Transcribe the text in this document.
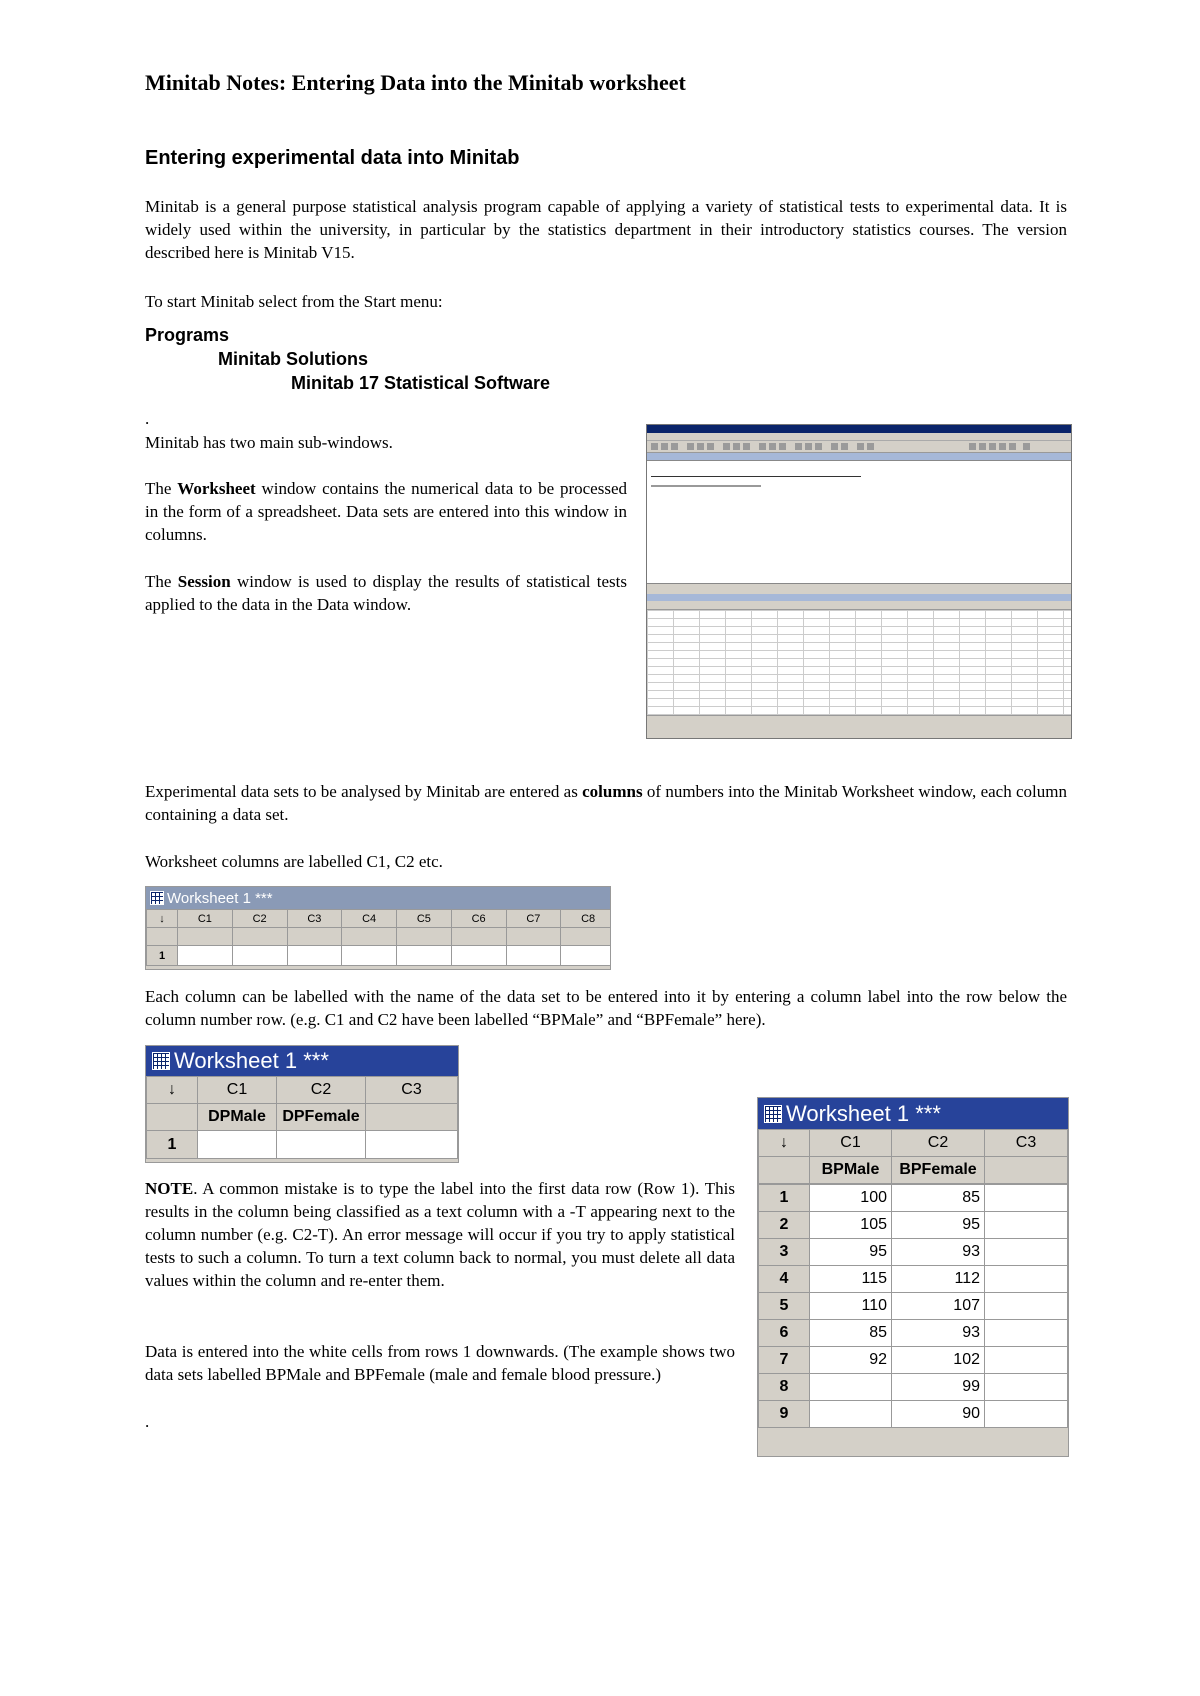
Minitab Notes: Entering Data into the Minitab worksheet
Entering experimental data into Minitab
Minitab is a general purpose statistical analysis program capable of applying a variety of statistical tests to experimental data. It is widely used within the university, in particular by the statistics department in their introductory statistics courses. The version described here is Minitab V15.
To start Minitab select from the Start menu:
Programs
Minitab Solutions
Minitab 17 Statistical Software
.
Minitab has two main sub-windows.
The Worksheet window contains the numerical data to be processed in the form of a spreadsheet. Data sets are entered into this window in columns.
The Session window is used to display the results of statistical tests applied to the data in the Data window.
Experimental data sets to be analysed by Minitab are entered as columns of numbers into the Minitab Worksheet window, each column containing a data set.
Worksheet columns are labelled C1, C2 etc.
Worksheet 1 ***
↓	C1	C2	C3	C4	C5	C6	C7	C8

1								
Each column can be labelled with the name of the data set to be entered into it by entering a column label into the row below the column number row. (e.g. C1 and C2 have been labelled “BPMale” and “BPFemale” here).
Worksheet 1 ***
↓	C1	C2	C3
	DPMale	DPFemale	
1			
NOTE. A common mistake is to type the label into the first data row (Row 1). This results in the column being classified as a text column with a -T appearing next to the column number (e.g. C2-T). An error message will occur if you try to apply statistical tests to such a column. To turn a text column back to normal, you must delete all data values within the column and re-enter them.
Data is entered into the white cells from rows 1 downwards. (The example shows two data sets labelled BPMale and BPFemale (male and female blood pressure.)
.
Worksheet 1 ***
↓	C1	C2	C3
	BPMale	BPFemale	
1	100	85	
2	105	95	
3	95	93	
4	115	112	
5	110	107	
6	85	93	
7	92	102	
8		99	
9		90	
